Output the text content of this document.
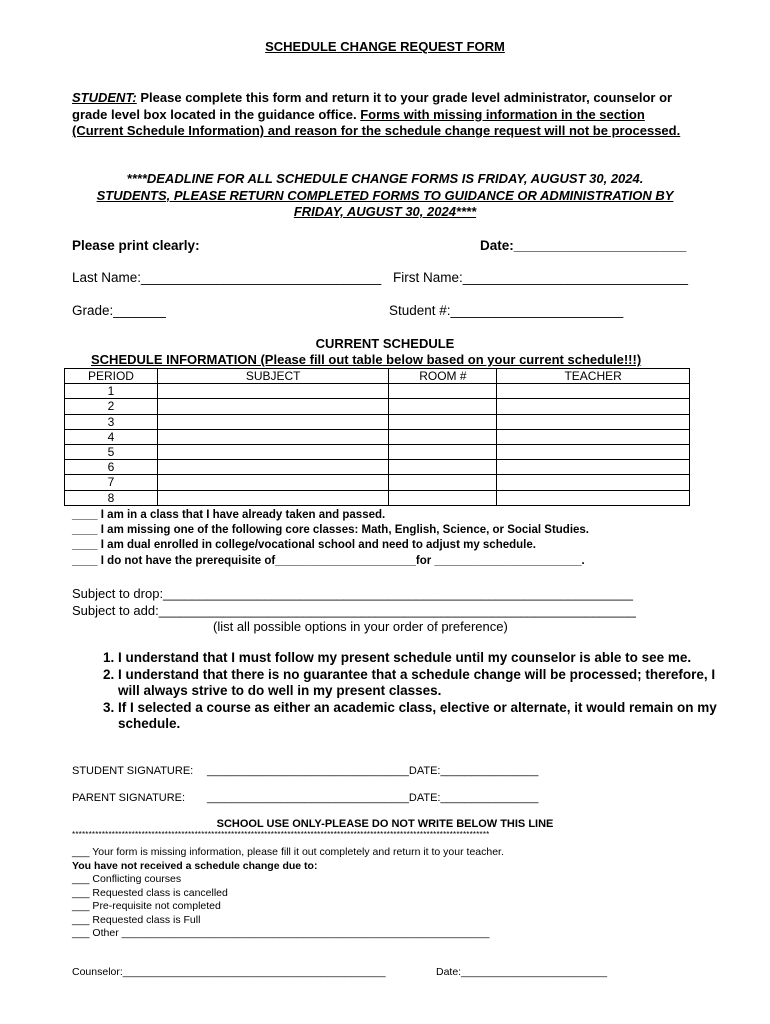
SCHEDULE CHANGE REQUEST FORM
STUDENT: Please complete this form and return it to your grade level administrator, counselor or grade level box located in the guidance office. Forms with missing information in the section (Current Schedule Information) and reason for the schedule change request will not be processed.
****DEADLINE FOR ALL SCHEDULE CHANGE FORMS IS FRIDAY, AUGUST 30, 2024.
STUDENTS, PLEASE RETURN COMPLETED FORMS TO GUIDANCE OR ADMINISTRATION BY FRIDAY, AUGUST 30, 2024****
Please print clearly:	Date:_______________________
Last Name:________________________________ First Name:______________________________
Grade:_______	Student #:_______________________
CURRENT SCHEDULE
SCHEDULE INFORMATION (Please fill out table below based on your current schedule!!!)
PERIOD	SUBJECT	ROOM #	TEACHER
1			
2			
3			
4			
5			
6			
7			
8			
____ I am in a class that I have already taken and passed.
____ I am missing one of the following core classes: Math, English, Science, or Social Studies.
____ I am dual enrolled in college/vocational school and need to adjust my schedule.
____ I do not have the prerequisite of______________________for _______________________.
Subject to drop:_________________________________________________________________
Subject to add:__________________________________________________________________
(list all possible options in your order of preference)
1. I understand that I must follow my present schedule until my counselor is able to see me.
2. I understand that there is no guarantee that a schedule change will be processed; therefore, I will always strive to do well in my present classes.
3. If I selected a course as either an academic class, elective or alternate, it would remain on my schedule.
STUDENT SIGNATURE: _________________________________DATE:________________
PARENT SIGNATURE: _________________________________DATE:________________
SCHOOL USE ONLY-PLEASE DO NOT WRITE BELOW THIS LINE
******************************************************************************************************************************
___ Your form is missing information, please fill it out completely and return it to your teacher.
You have not received a schedule change due to:
___ Conflicting courses
___ Requested class is cancelled
___ Pre-requisite not completed
___ Requested class is Full
___ Other _______________________________________________________________
Counselor:_____________________________________________	Date:_________________________
